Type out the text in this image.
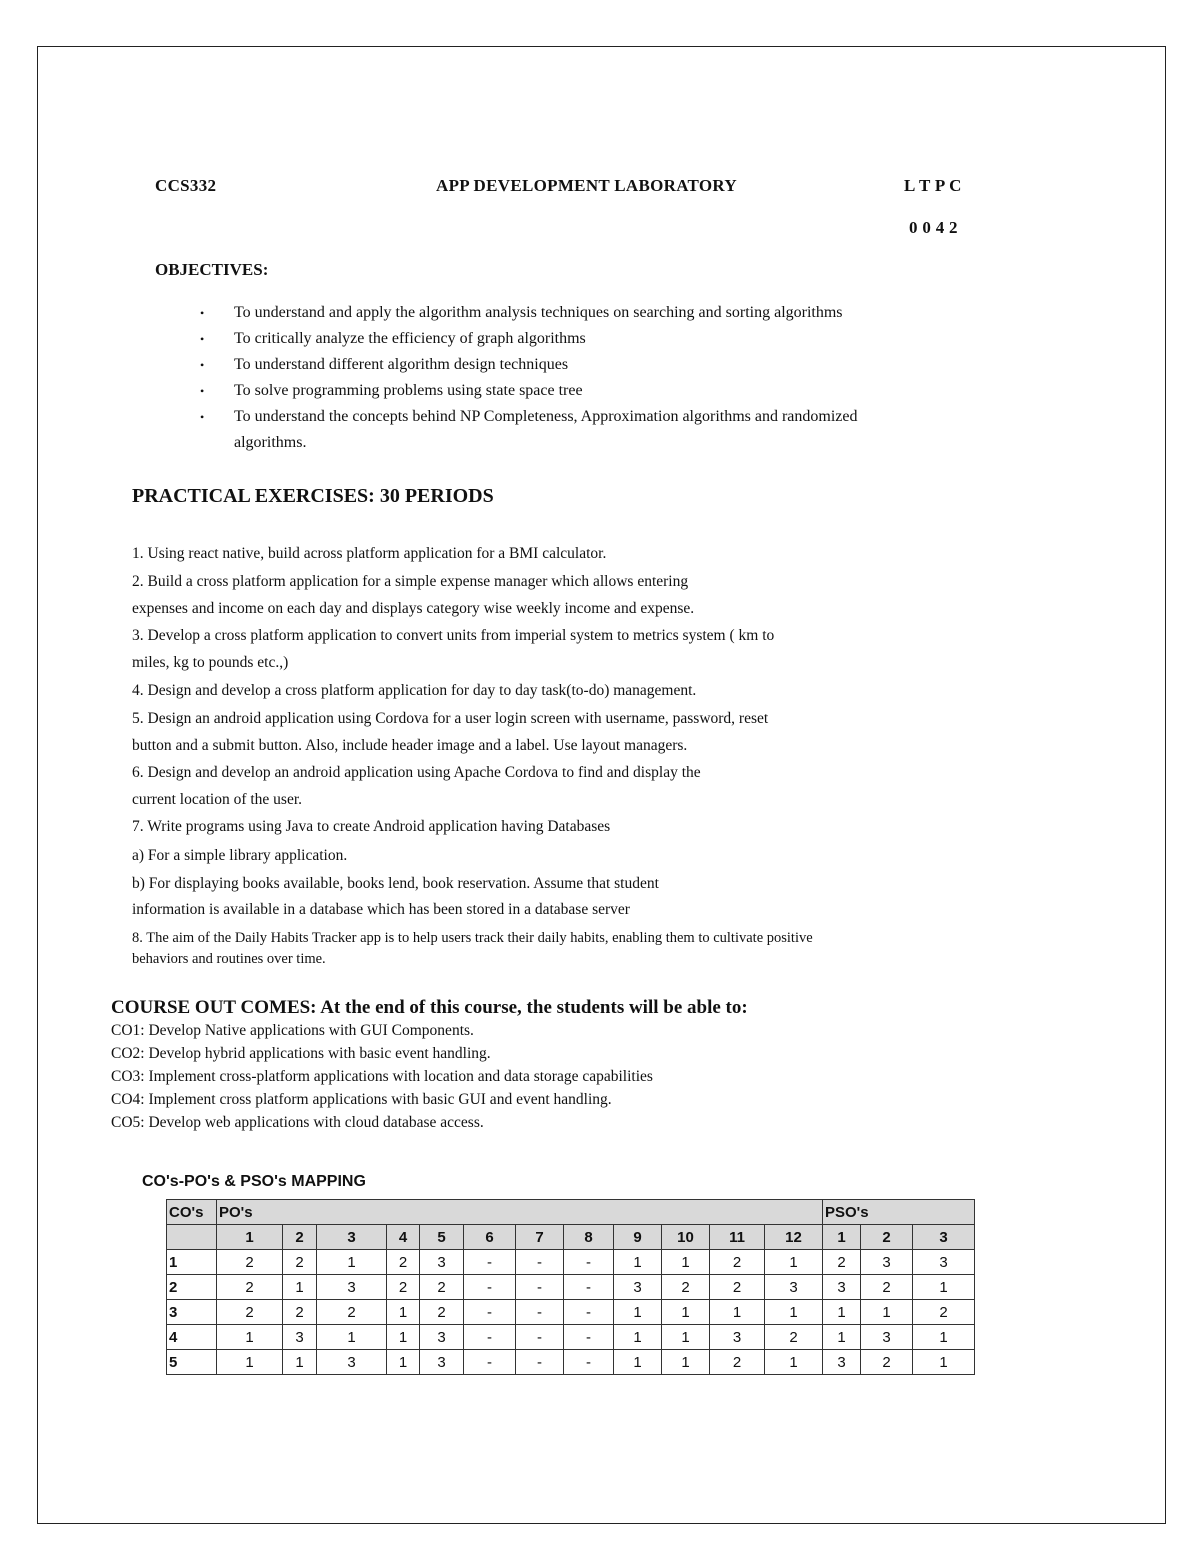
CCS332	APP DEVELOPMENT LABORATORY	L T P C
0 0 4 2
OBJECTIVES:
• To understand and apply the algorithm analysis techniques on searching and sorting algorithms
• To critically analyze the efficiency of graph algorithms
• To understand different algorithm design techniques
• To solve programming problems using state space tree
• To understand the concepts behind NP Completeness, Approximation algorithms and randomized algorithms.
PRACTICAL EXERCISES: 30 PERIODS
1. Using react native, build across platform application for a BMI calculator.
2. Build a cross platform application for a simple expense manager which allows entering
expenses and income on each day and displays category wise weekly income and expense.
3. Develop a cross platform application to convert units from imperial system to metrics system ( km to
miles, kg to pounds etc.,)
4. Design and develop a cross platform application for day to day task(to-do) management.
5. Design an android application using Cordova for a user login screen with username, password, reset
button and a submit button. Also, include header image and a label. Use layout managers.
6. Design and develop an android application using Apache Cordova to find and display the
current location of the user.
7. Write programs using Java to create Android application having Databases
a) For a simple library application.
b) For displaying books available, books lend, book reservation. Assume that student
information is available in a database which has been stored in a database server
8. The aim of the Daily Habits Tracker app is to help users track their daily habits, enabling them to cultivate positive
behaviors and routines over time.
COURSE OUT COMES: At the end of this course, the students will be able to:
CO1: Develop Native applications with GUI Components.
CO2: Develop hybrid applications with basic event handling.
CO3: Implement cross-platform applications with location and data storage capabilities
CO4: Implement cross platform applications with basic GUI and event handling.
CO5: Develop web applications with cloud database access.
CO's-PO's & PSO's MAPPING
CO's	PO's												PSO's		
	1	2	3	4	5	6	7	8	9	10	11	12	1	2	3
1	2	2	1	2	3	-	-	-	1	1	2	1	2	3	3
2	2	1	3	2	2	-	-	-	3	2	2	3	3	2	1
3	2	2	2	1	2	-	-	-	1	1	1	1	1	1	2
4	1	3	1	1	3	-	-	-	1	1	3	2	1	3	1
5	1	1	3	1	3	-	-	-	1	1	2	1	3	2	1
